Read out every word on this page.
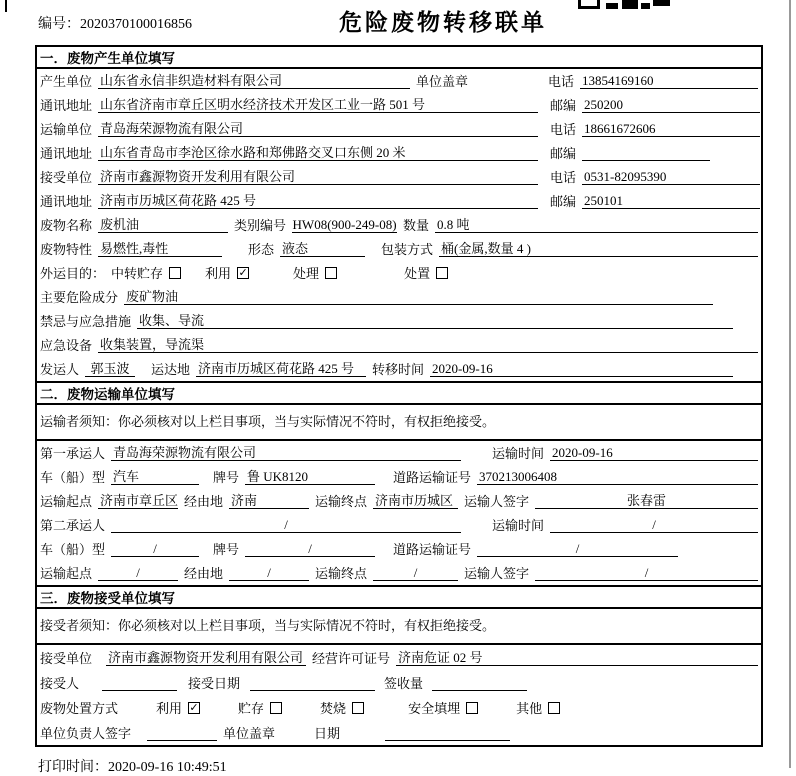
编号：2020370100016856	危险废物转移联单
一．废物产生单位填写
产生单位 山东省永信非织造材料有限公司	单位盖章	电话 13854169160
通讯地址 山东省济南市章丘区明水经济技术开发区工业一路 501 号	邮编 250200
运输单位 青岛海荣源物流有限公司	电话 18661672606
通讯地址 山东省青岛市李沧区徐水路和郑佛路交叉口东侧 20 米	邮编
接受单位 济南市鑫源物资开发利用有限公司	电话 0531-82095390
通讯地址 济南市历城区荷花路 425 号	邮编 250101
废物名称 废机油	类别编号 HW08(900-249-08) 数量 0.8 吨
废物特性 易燃性,毒性	形态 液态	包装方式 桶(金属,数量 4 )
外运目的： 中转贮存	利用 ✓	处理	处置
主要危险成分 废矿物油
禁忌与应急措施 收集、导流
应急设备 收集装置，导流渠
发运人 郭玉波 运达地 济南市历城区荷花路 425 号 转移时间 2020-09-16
二．废物运输单位填写
运输者须知：你必须核对以上栏目事项，当与实际情况不符时，有权拒绝接受。
第一承运人 青岛海荣源物流有限公司	运输时间 2020-09-16
车（船）型 汽车	牌号 鲁 UK8120	道路运输证号 370213006408
运输起点 济南市章丘区 经由地 济南	运输终点 济南市历城区 运输人签字	张春雷
第二承运人	/	运输时间	/
车（船）型	/	牌号	/	道路运输证号	/
运输起点	/	经由地	/	运输终点	/	运输人签字	/
三．废物接受单位填写
接受者须知：你必须核对以上栏目事项，当与实际情况不符时，有权拒绝接受。
接受单位 济南市鑫源物资开发利用有限公司 经营许可证号 济南危证 02 号
接受人	接受日期	签收量
废物处置方式	利用 ✓	贮存	焚烧	安全填埋	其他
单位负责人签字	单位盖章	日期
打印时间：2020-09-16 10:49:51
